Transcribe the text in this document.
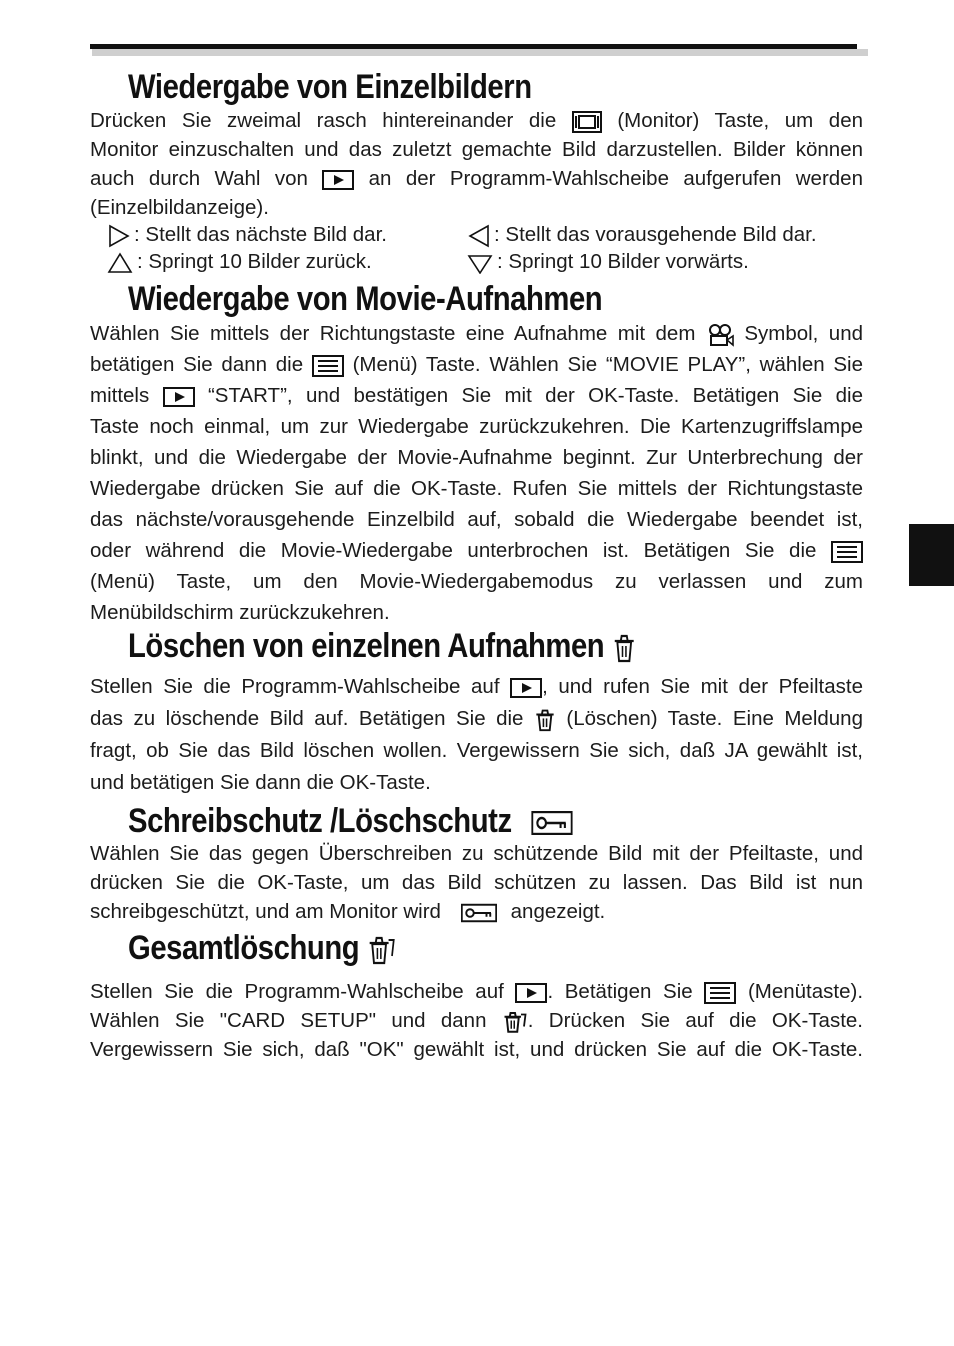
Wiedergabe von Einzelbildern
Drücken Sie zweimal rasch hintereinander die	(Monitor) Taste, um den
Monitor einzuschalten und das zuletzt gemachte Bild darzustellen. Bilder können
auch durch Wahl von	an der Programm-Wahlscheibe aufgerufen werden
(Einzelbildanzeige).
: Stellt das nächste Bild dar.	: Stellt das vorausgehende Bild dar.
: Springt 10 Bilder zurück.	: Springt 10 Bilder vorwärts.
Wiedergabe von Movie-Aufnahmen
Wählen Sie mittels der Richtungstaste eine Aufnahme mit dem Symbol, und
betätigen Sie dann die (Menü) Taste. Wählen Sie “MOVIE PLAY”, wählen Sie
mittels	“START”, und bestätigen Sie mit der OK-Taste. Betätigen Sie die
Taste noch einmal, um zur Wiedergabe zurückzukehren. Die Kartenzugriffslampe
blinkt, und die Wiedergabe der Movie-Aufnahme beginnt. Zur Unterbrechung der
Wiedergabe drücken Sie auf die OK-Taste. Rufen Sie mittels der Richtungstaste
das nächste/vorausgehende Einzelbild auf, sobald die Wiedergabe beendet ist,
oder während die Movie-Wiedergabe unterbrochen ist. Betätigen Sie die
(Menü) Taste, um den Movie-Wiedergabemodus zu verlassen und zum
Menübildschirm zurückzukehren.
Löschen von einzelnen Aufnahmen
Stellen Sie die Programm-Wahlscheibe auf , und rufen Sie mit der Pfeiltaste
das zu löschende Bild auf. Betätigen Sie die (Löschen) Taste. Eine Meldung
fragt, ob Sie das Bild löschen wollen. Vergewissern Sie sich, daß JA gewählt ist,
und betätigen Sie dann die OK-Taste.
Schreibschutz /Löschschutz
Wählen Sie das gegen Überschreiben zu schützende Bild mit der Pfeiltaste, und
drücken Sie die OK-Taste, um das Bild schützen zu lassen. Das Bild ist nun
schreibgeschützt, und am Monitor wird	angezeigt.
Gesamtlöschung
Stellen Sie die Programm-Wahlscheibe auf . Betätigen Sie	(Menütaste).
Wählen Sie "CARD SETUP" und dann . Drücken Sie auf die OK-Taste.
Vergewissern Sie sich, daß "OK" gewählt ist, und drücken Sie auf die OK-Taste.
